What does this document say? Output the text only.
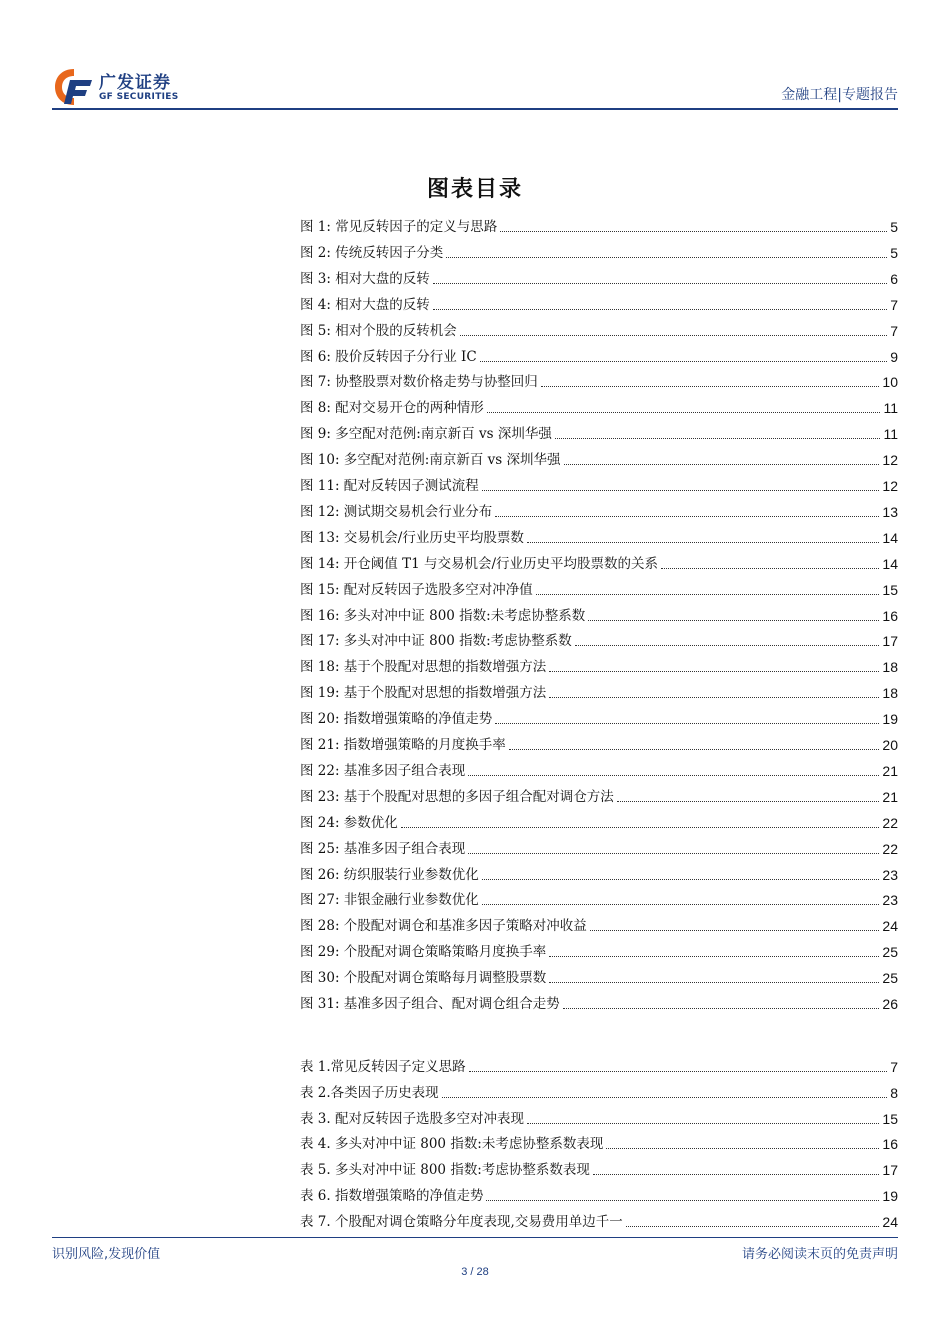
广发证券
GF SECURITIES	金融工程|专题报告
图表目录
图 1: 常见反转因子的定义与思路	5
图 2: 传统反转因子分类	5
图 3: 相对大盘的反转	6
图 4: 相对大盘的反转	7
图 5: 相对个股的反转机会	7
图 6: 股价反转因子分行业 IC	9
图 7: 协整股票对数价格走势与协整回归	10
图 8: 配对交易开仓的两种情形	11
图 9: 多空配对范例:南京新百 vs 深圳华强	11
图 10: 多空配对范例:南京新百 vs 深圳华强	12
图 11: 配对反转因子测试流程	12
图 12: 测试期交易机会行业分布	13
图 13: 交易机会/行业历史平均股票数	14
图 14: 开仓阈值 T1 与交易机会/行业历史平均股票数的关系	14
图 15: 配对反转因子选股多空对冲净值	15
图 16: 多头对冲中证 800 指数:未考虑协整系数	16
图 17: 多头对冲中证 800 指数:考虑协整系数	17
图 18: 基于个股配对思想的指数增强方法	18
图 19: 基于个股配对思想的指数增强方法	18
图 20: 指数增强策略的净值走势	19
图 21: 指数增强策略的月度换手率	20
图 22: 基准多因子组合表现	21
图 23: 基于个股配对思想的多因子组合配对调仓方法	21
图 24: 参数优化	22
图 25: 基准多因子组合表现	22
图 26: 纺织服装行业参数优化	23
图 27: 非银金融行业参数优化	23
图 28: 个股配对调仓和基准多因子策略对冲收益	24
图 29: 个股配对调仓策略策略月度换手率	25
图 30: 个股配对调仓策略每月调整股票数	25
图 31: 基准多因子组合、配对调仓组合走势	26
表 1.常见反转因子定义思路	7
表 2.各类因子历史表现	8
表 3. 配对反转因子选股多空对冲表现	15
表 4. 多头对冲中证 800 指数:未考虑协整系数表现	16
表 5. 多头对冲中证 800 指数:考虑协整系数表现	17
表 6. 指数增强策略的净值走势	19
表 7. 个股配对调仓策略分年度表现,交易费用单边千一	24
识别风险,发现价值	请务必阅读末页的免责声明
3 / 28
